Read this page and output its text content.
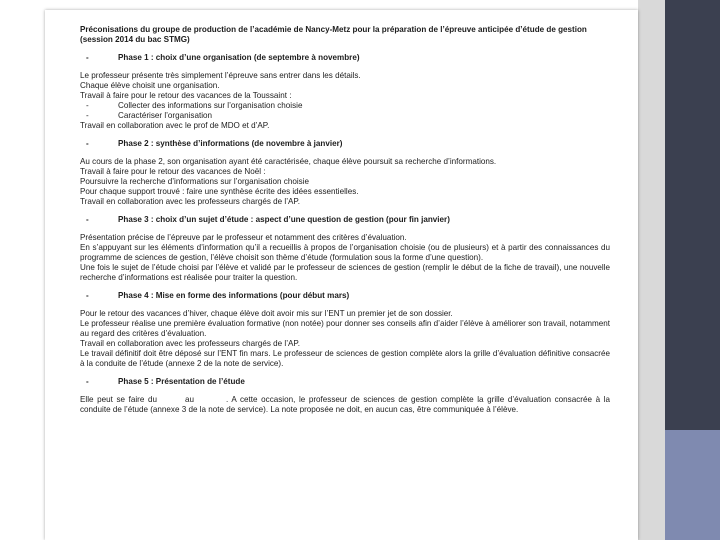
Préconisations du groupe de production de l’académie de Nancy-Metz pour la préparation de l’épreuve anticipée d’étude de gestion (session 2014 du bac STMG)

-	Phase 1 : choix d’une organisation (de septembre à novembre)

Le professeur présente très simplement l’épreuve sans entrer dans les détails.

Chaque élève choisit une organisation.

Travail à faire pour le retour des vacances de la Toussaint :

-	Collecter des informations sur l’organisation choisie
-	Caractériser l’organisation

Travail en collaboration avec le prof de MDO et d’AP.

-	Phase 2 : synthèse d’informations (de novembre à janvier)

Au cours de la phase 2, son organisation ayant été caractérisée, chaque élève poursuit sa recherche d’informations.

Travail à faire pour le retour des vacances de Noël :

Poursuivre la recherche d’informations sur l’organisation choisie

Pour chaque support trouvé : faire une synthèse écrite des idées essentielles.

Travail en collaboration avec les professeurs chargés de l’AP.

-	Phase 3 : choix d’un sujet d’étude : aspect d’une question de gestion (pour fin janvier)

Présentation précise de l’épreuve par le professeur et notamment des critères d’évaluation.

En s’appuyant sur les éléments d’information qu’il a recueillis à propos de l’organisation choisie (ou de plusieurs) et à partir des connaissances du programme de sciences de gestion, l’élève choisit son thème d’étude (formulation sous la forme d’une question).

Une fois le sujet de l’étude choisi par l’élève et validé par le professeur de sciences de gestion (remplir le début de la fiche de travail), une nouvelle recherche d’informations est réalisée pour traiter la question.

-	Phase 4 : Mise en forme des informations (pour début mars)

Pour le retour des vacances d’hiver, chaque élève doit avoir mis sur l’ENT un premier jet de son dossier.

Le professeur réalise une première évaluation formative (non notée) pour donner ses conseils afin d’aider l’élève à améliorer son travail, notamment au regard des critères d’évaluation.

Travail en collaboration avec les professeurs chargés de l’AP.

Le travail définitif doit être déposé sur l’ENT fin mars. Le professeur de sciences de gestion complète alors la grille d’évaluation définitive consacrée à la conduite de l’étude (annexe 2 de la note de service).

-	Phase 5 : Présentation de l’étude

Elle peut se faire du	au	. A cette occasion, le professeur de sciences de gestion complète la grille d’évaluation consacrée à la conduite de l’étude (annexe 3 de la note de service). La note proposée ne doit, en aucun cas, être communiquée à l’élève.
